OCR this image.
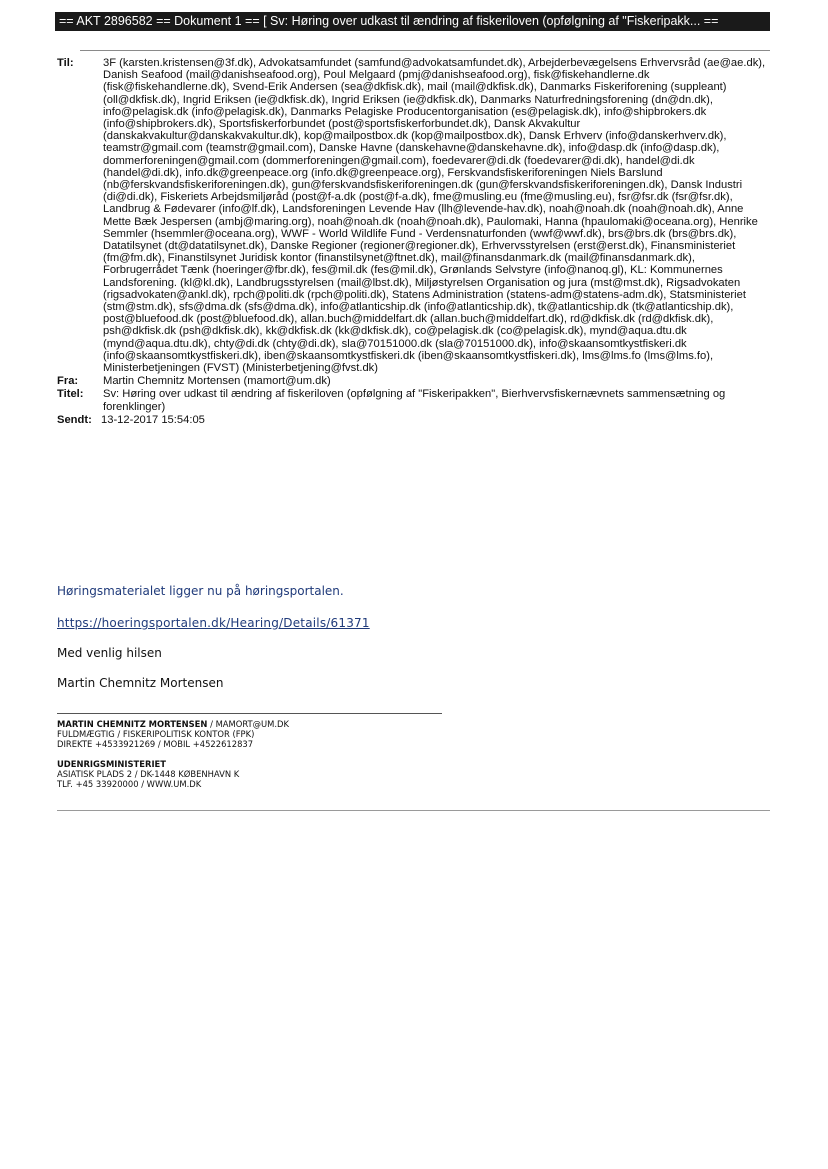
== AKT 2896582 == Dokument 1 == [ Sv: Høring over udkast til ændring af fiskeriloven (opfølgning af "Fiskeripakk... ==
Til:	3F (karsten.kristensen@3f.dk), Advokatsamfundet (samfund@advokatsamfundet.dk), Arbejderbevægelsens Erhvervsråd (ae@ae.dk), Danish Seafood (mail@danishseafood.org), Poul Melgaard (pmj@danishseafood.org), fisk@fiskehandlerne.dk (fisk@fiskehandlerne.dk), Svend-Erik Andersen (sea@dkfisk.dk), mail (mail@dkfisk.dk), Danmarks Fiskeriforening (suppleant) (oll@dkfisk.dk), Ingrid Eriksen (ie@dkfisk.dk), Ingrid Eriksen (ie@dkfisk.dk), Danmarks Naturfredningsforening (dn@dn.dk), info@pelagisk.dk (info@pelagisk.dk), Danmarks Pelagiske Producentorganisation (es@pelagisk.dk), info@shipbrokers.dk (info@shipbrokers.dk), Sportsfiskerforbundet (post@sportsfiskerforbundet.dk), Dansk Akvakultur (danskakvakultur@danskakvakultur.dk), kop@mailpostbox.dk (kop@mailpostbox.dk), Dansk Erhverv (info@danskerhverv.dk), teamstr@gmail.com (teamstr@gmail.com), Danske Havne (danskehavne@danskehavne.dk), info@dasp.dk (info@dasp.dk), dommerforeningen@gmail.com (dommerforeningen@gmail.com), foedevarer@di.dk (foedevarer@di.dk), handel@di.dk (handel@di.dk), info.dk@greenpeace.org (info.dk@greenpeace.org), Ferskvandsfiskeriforeningen Niels Barslund (nb@ferskvandsfiskeriforeningen.dk), gun@ferskvandsfiskeriforeningen.dk (gun@ferskvandsfiskeriforeningen.dk), Dansk Industri (di@di.dk), Fiskeriets Arbejdsmiljøråd (post@f-a.dk (post@f-a.dk), fme@musling.eu (fme@musling.eu), fsr@fsr.dk (fsr@fsr.dk), Landbrug & Fødevarer (info@lf.dk), Landsforeningen Levende Hav (llh@levende-hav.dk), noah@noah.dk (noah@noah.dk), Anne Mette Bæk Jespersen (ambj@maring.org), noah@noah.dk (noah@noah.dk), Paulomaki, Hanna (hpaulomaki@oceana.org), Henrike Semmler (hsemmler@oceana.org), WWF - World Wildlife Fund - Verdensnaturfonden (wwf@wwf.dk), brs@brs.dk (brs@brs.dk), Datatilsynet (dt@datatilsynet.dk), Danske Regioner (regioner@regioner.dk), Erhvervsstyrelsen (erst@erst.dk), Finansministeriet (fm@fm.dk), Finanstilsynet Juridisk kontor (finanstilsynet@ftnet.dk), mail@finansdanmark.dk (mail@finansdanmark.dk), Forbrugerrådet Tænk (hoeringer@fbr.dk), fes@mil.dk (fes@mil.dk), Grønlands Selvstyre (info@nanoq.gl), KL: Kommunernes Landsforening. (kl@kl.dk), Landbrugsstyrelsen (mail@lbst.dk), Miljøstyrelsen Organisation og jura (mst@mst.dk), Rigsadvokaten (rigsadvokaten@ankl.dk), rpch@politi.dk (rpch@politi.dk), Statens Administration (statens-adm@statens-adm.dk), Statsministeriet (stm@stm.dk), sfs@dma.dk (sfs@dma.dk), info@atlanticship.dk (info@atlanticship.dk), tk@atlanticship.dk (tk@atlanticship.dk), post@bluefood.dk (post@bluefood.dk), allan.buch@middelfart.dk (allan.buch@middelfart.dk), rd@dkfisk.dk (rd@dkfisk.dk), psh@dkfisk.dk (psh@dkfisk.dk), kk@dkfisk.dk (kk@dkfisk.dk), co@pelagisk.dk (co@pelagisk.dk), mynd@aqua.dtu.dk (mynd@aqua.dtu.dk), chty@di.dk (chty@di.dk), sla@70151000.dk (sla@70151000.dk), info@skaansomtkystfiskeri.dk (info@skaansomtkystfiskeri.dk), iben@skaansomtkystfiskeri.dk (iben@skaansomtkystfiskeri.dk), lms@lms.fo (lms@lms.fo), Ministerbetjeningen (FVST) (Ministerbetjening@fvst.dk)
Fra:	Martin Chemnitz Mortensen (mamort@um.dk)
Titel:	Sv: Høring over udkast til ændring af fiskeriloven (opfølgning af "Fiskeripakken", Bierhvervsfiskernævnets sammensætning og forenklinger)
Sendt: 13-12-2017 15:54:05
Høringsmaterialet ligger nu på høringsportalen.
https://hoeringsportalen.dk/Hearing/Details/61371
Med venlig hilsen
Martin Chemnitz Mortensen
MARTIN CHEMNITZ MORTENSEN / MAMORT@UM.DK
FULDMÆGTIG / FISKERIPOLITISK KONTOR (FPK)
DIREKTE +4533921269 / MOBIL +4522612837
UDENRIGSMINISTERIET
ASIATISK PLADS 2 / DK-1448 KØBENHAVN K
TLF. +45 33920000 / WWW.UM.DK
